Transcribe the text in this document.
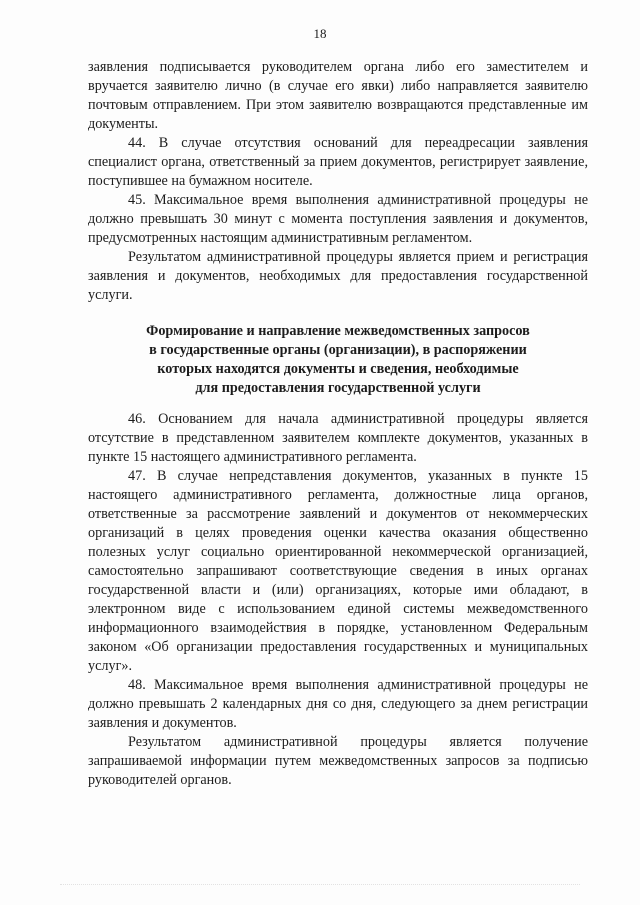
18

заявления подписывается руководителем органа либо его заместителем и вручается заявителю лично (в случае его явки) либо направляется заявителю почтовым отправлением. При этом заявителю возвращаются представленные им документы.

44. В случае отсутствия оснований для переадресации заявления специалист органа, ответственный за прием документов, регистрирует заявление, поступившее на бумажном носителе.

45. Максимальное время выполнения административной процедуры не должно превышать 30 минут с момента поступления заявления и документов, предусмотренных настоящим административным регламентом.

Результатом административной процедуры является прием и регистрация заявления и документов, необходимых для предоставления государственной услуги.

Формирование и направление межведомственных запросов
в государственные органы (организации), в распоряжении
которых находятся документы и сведения, необходимые
для предоставления государственной услуги

46. Основанием для начала административной процедуры является отсутствие в представленном заявителем комплекте документов, указанных в пункте 15 настоящего административного регламента.

47. В случае непредставления документов, указанных в пункте 15 настоящего административного регламента, должностные лица органов, ответственные за рассмотрение заявлений и документов от некоммерческих организаций в целях проведения оценки качества оказания общественно полезных услуг социально ориентированной некоммерческой организацией, самостоятельно запрашивают соответствующие сведения в иных органах государственной власти и (или) организациях, которые ими обладают, в электронном виде с использованием единой системы межведомственного информационного взаимодействия в порядке, установленном Федеральным законом «Об организации предоставления государственных и муниципальных услуг».

48. Максимальное время выполнения административной процедуры не должно превышать 2 календарных дня со дня, следующего за днем регистрации заявления и документов.

Результатом административной процедуры является получение запрашиваемой информации путем межведомственных запросов за подписью руководителей органов.
